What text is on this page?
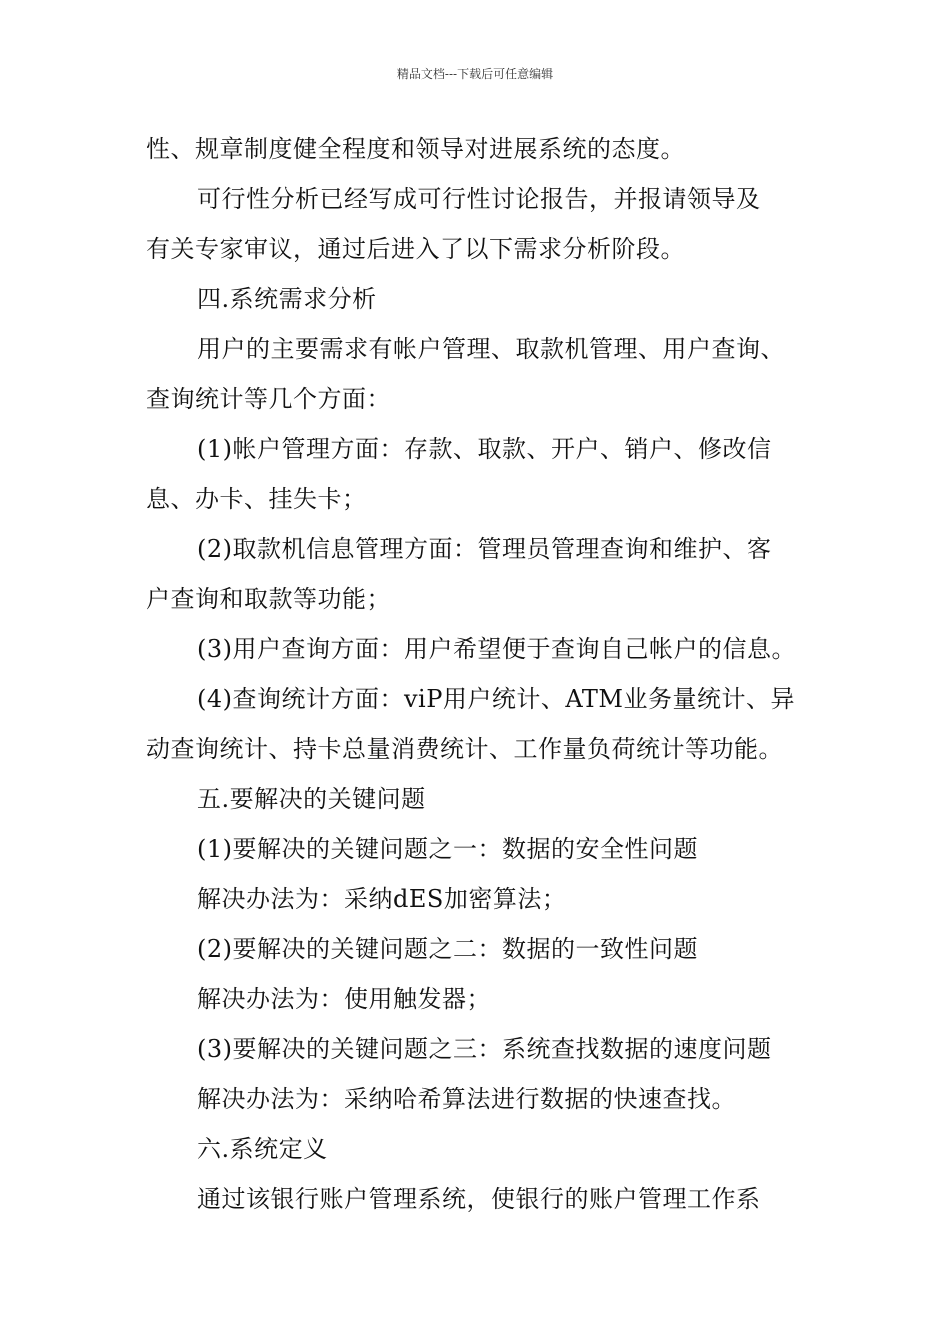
精品文档---下载后可任意编辑
性、规章制度健全程度和领导对进展系统的态度。
可行性分析已经写成可行性讨论报告，并报请领导及
有关专家审议，通过后进入了以下需求分析阶段。
四.系统需求分析
用户的主要需求有帐户管理、取款机管理、用户查询、
查询统计等几个方面：
(1)帐户管理方面：存款、取款、开户、销户、修改信
息、办卡、挂失卡；
(2)取款机信息管理方面：管理员管理查询和维护、客
户查询和取款等功能；
(3)用户查询方面：用户希望便于查询自己帐户的信息。
(4)查询统计方面：viP用户统计、ATM业务量统计、异
动查询统计、持卡总量消费统计、工作量负荷统计等功能。
五.要解决的关键问题
(1)要解决的关键问题之一：数据的安全性问题
解决办法为：采纳dES加密算法；
(2)要解决的关键问题之二：数据的一致性问题
解决办法为：使用触发器；
(3)要解决的关键问题之三：系统查找数据的速度问题
解决办法为：采纳哈希算法进行数据的快速查找。
六.系统定义
通过该银行账户管理系统，使银行的账户管理工作系
